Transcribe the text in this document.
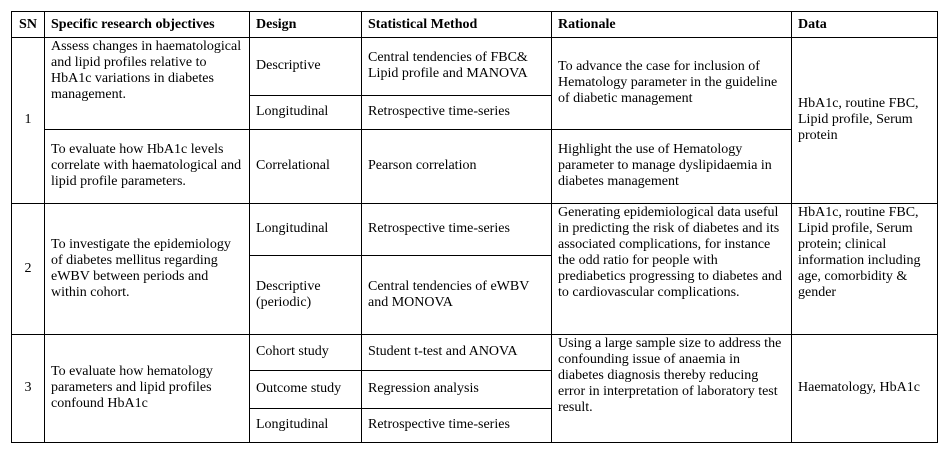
SN	Specific research objectives	Design	Statistical Method	Rationale	Data
1	Assess changes in haematological and lipid profiles relative to HbA1c variations in diabetes management.	Descriptive	Central tendencies of FBC& Lipid profile and MANOVA	To advance the case for inclusion of Hematology parameter in the guideline of diabetic management	HbA1c, routine FBC, Lipid profile, Serum protein
		Longitudinal	Retrospective time-series		
	To evaluate how HbA1c levels correlate with haematological and lipid profile parameters.	Correlational	Pearson correlation	Highlight the use of Hematology parameter to manage dyslipidaemia in diabetes management	
2	To investigate the epidemiology of diabetes mellitus regarding eWBV between periods and within cohort.	Longitudinal	Retrospective time-series	Generating epidemiological data useful in predicting the risk of diabetes and its associated complications, for instance the odd ratio for people with prediabetics progressing to diabetes and to cardiovascular complications.	HbA1c, routine FBC, Lipid profile, Serum protein; clinical information including age, comorbidity & gender
		Descriptive (periodic)	Central tendencies of eWBV and MONOVA		
3	To evaluate how hematology parameters and lipid profiles confound HbA1c	Cohort study	Student t-test and ANOVA	Using a large sample size to address the confounding issue of anaemia in diabetes diagnosis thereby reducing error in interpretation of laboratory test result.	Haematology, HbA1c
		Outcome study	Regression analysis		
		Longitudinal	Retrospective time-series		
